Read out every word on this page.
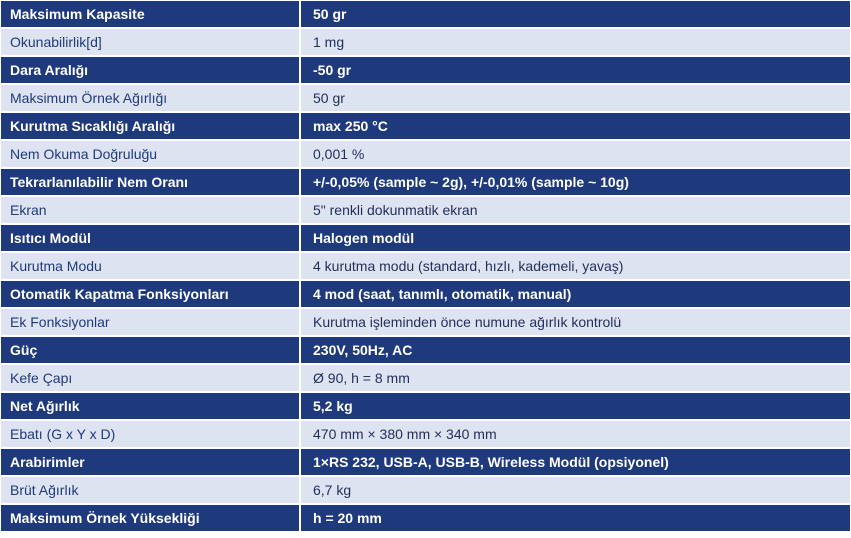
Maksimum Kapasite	50 gr
Okunabilirlik[d]	1 mg
Dara Aralığı	-50 gr
Maksimum Örnek Ağırlığı	50 gr
Kurutma Sıcaklığı Aralığı	max 250 °C
Nem Okuma Doğruluğu	0,001 %
Tekrarlanılabilir Nem Oranı	+/-0,05% (sample ~ 2g), +/-0,01% (sample ~ 10g)
Ekran	5" renkli dokunmatik ekran
Isıtıcı Modül	Halogen modül
Kurutma Modu	4 kurutma modu (standard, hızlı, kademeli, yavaş)
Otomatik Kapatma Fonksiyonları	4 mod (saat, tanımlı, otomatik, manual)
Ek Fonksiyonlar	Kurutma işleminden önce numune ağırlık kontrolü
Güç	230V, 50Hz, AC
Kefe Çapı	Ø 90, h = 8 mm
Net Ağırlık	5,2 kg
Ebatı (G x Y x D)	470 mm × 380 mm × 340 mm
Arabirimler	1×RS 232, USB-A, USB-B, Wireless Modül (opsiyonel)
Brüt Ağırlık	6,7 kg
Maksimum Örnek Yüksekliği	h = 20 mm
